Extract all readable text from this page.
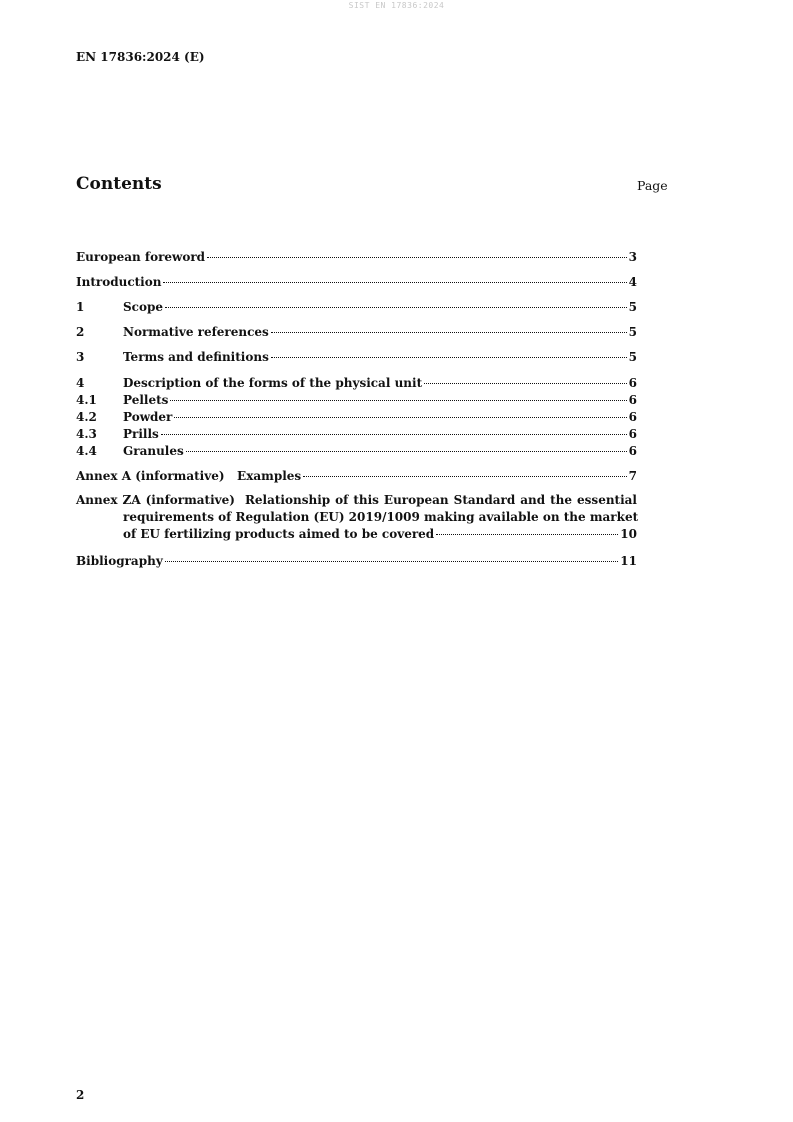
SIST EN 17836:2024
EN 17836:2024 (E)
Contents	Page
European foreword	3
Introduction	4
1	Scope	5
2	Normative references	5
3	Terms and definitions	5
4	Description of the forms of the physical unit	6
4.1	Pellets	6
4.2	Powder	6
4.3	Prills	6
4.4	Granules	6
Annex A (informative)   Examples	7
Annex ZA (informative)  Relationship of this European Standard and the essential
requirements of Regulation (EU) 2019/1009 making available on the market
of EU fertilizing products aimed to be covered	10
Bibliography	11
2
